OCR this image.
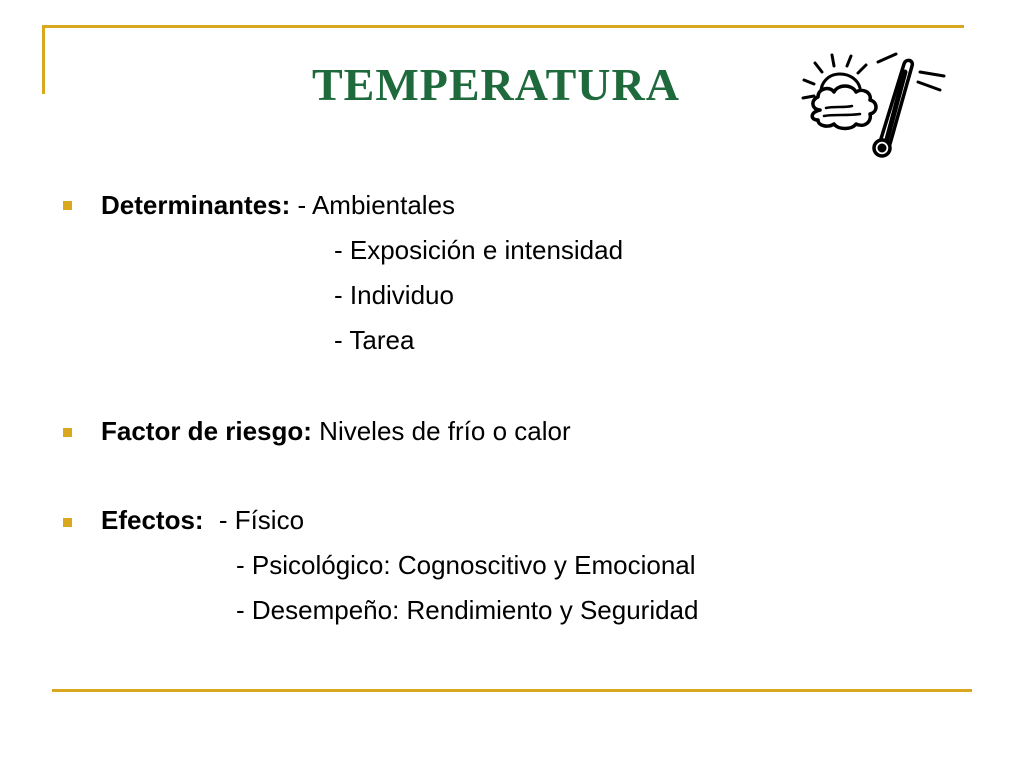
TEMPERATURA
Determinantes: - Ambientales
- Exposición e intensidad
- Individuo
- Tarea
Factor de riesgo: Niveles de frío o calor
Efectos: - Físico
- Psicológico: Cognoscitivo y Emocional
- Desempeño: Rendimiento y Seguridad
